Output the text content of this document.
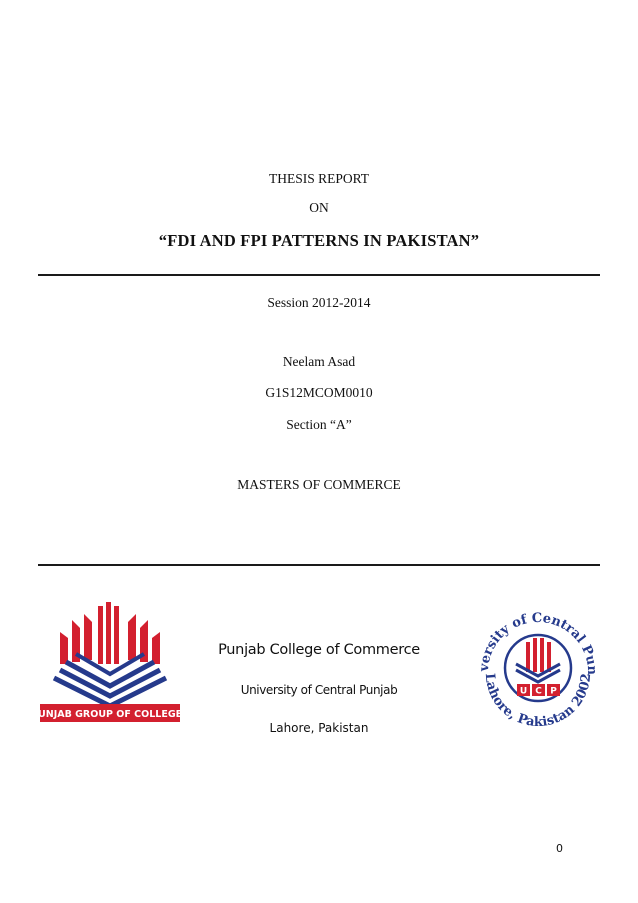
THESIS REPORT
ON
“FDI AND FPI PATTERNS IN PAKISTAN”
Session 2012-2014
Neelam Asad
G1S12MCOM0010
Section “A”
MASTERS OF COMMERCE
PUNJAB GROUP OF COLLEGES
Punjab College of Commerce
University of Central Punjab
Lahore, Pakistan
versity of Central Pun
Lahore, Pakistan 2002
U C P
0
